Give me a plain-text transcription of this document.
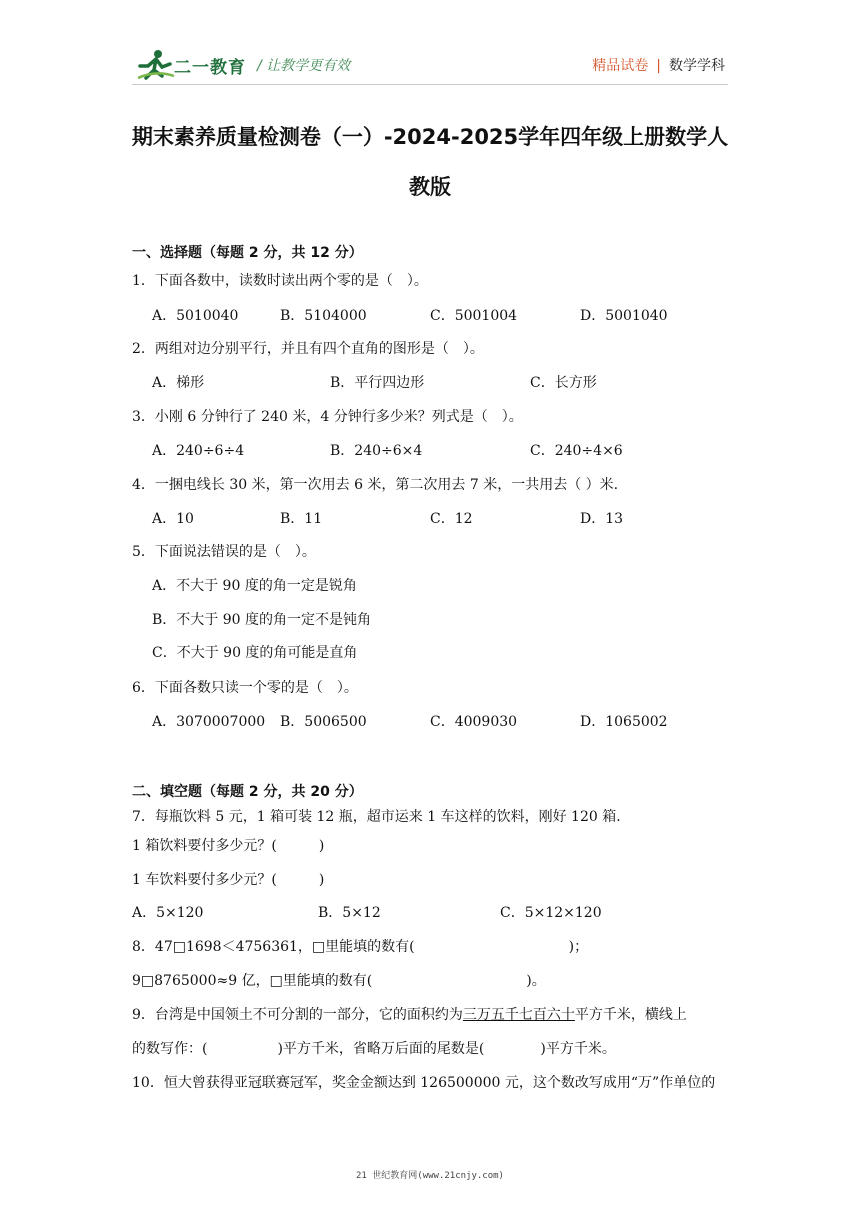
二一教育 / 让教学更有效	精品试卷 | 数学学科
期末素养质量检测卷（一）-2024-2025学年四年级上册数学人教版
一、选择题（每题 2 分，共 12 分）
1．下面各数中，读数时读出两个零的是（　）。
A．5010040	B．5104000	C．5001004	D．5001040
2．两组对边分别平行，并且有四个直角的图形是（　）。
A．梯形	B．平行四边形	C．长方形
3．小刚 6 分钟行了 240 米，4 分钟行多少米？列式是（　）。
A．240÷6÷4	B．240÷6×4	C．240÷4×6
4．一捆电线长 30 米，第一次用去 6 米，第二次用去 7 米，一共用去（ ）米.
A．10	B．11	C．12	D．13
5．下面说法错误的是（　）。
A．不大于 90 度的角一定是锐角
B．不大于 90 度的角一定不是钝角
C．不大于 90 度的角可能是直角
6．下面各数只读一个零的是（　）。
A．3070007000 B．5006500	C．4009030	D．1065002
二、填空题（每题 2 分，共 20 分）
7．每瓶饮料 5 元，1 箱可装 12 瓶，超市运来 1 车这样的饮料，刚好 120 箱.
1 箱饮料要付多少元？(　　　)
1 车饮料要付多少元？(　　　)
A．5×120	B．5×12	C．5×12×120
8．47□1698＜4756361，□里能填的数有(　　　　　　　　　　　)；
9□8765000≈9 亿，□里能填的数有(　　　　　　　　　　　)。
9．台湾是中国领土不可分割的一部分，它的面积约为三万五千七百六十平方千米，横线上
的数写作：(　　　　　)平方千米，省略万后面的尾数是(　　　　)平方千米。
10．恒大曾获得亚冠联赛冠军，奖金金额达到 126500000 元，这个数改写成用“万”作单位的
21 世纪教育网(www.21cnjy.com)
